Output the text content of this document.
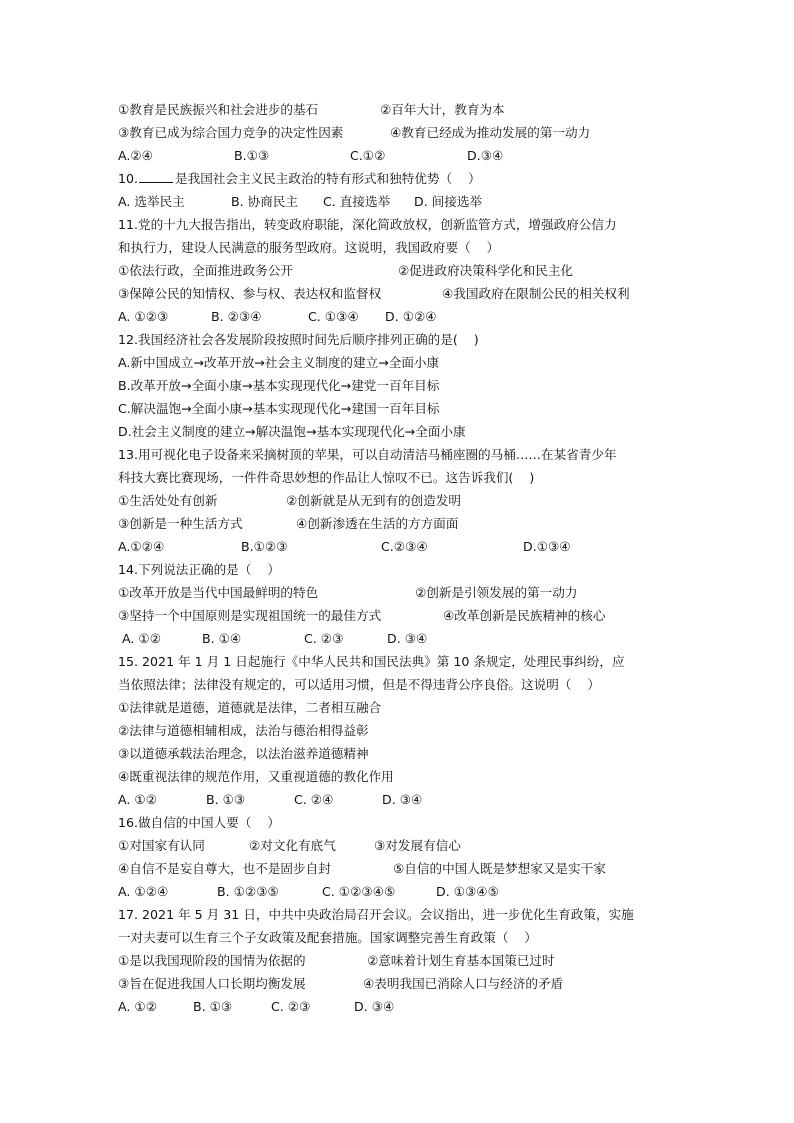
①教育是民族振兴和社会进步的基石	②百年大计，教育为本
③教育已成为综合国力竞争的决定性因素	④教育已经成为推动发展的第一动力
A.②④	B.①③	C.①②	D.③④
10.	是我国社会主义民主政治的特有形式和独特优势（    ）
A. 选举民主	B. 协商民主 C. 直接选举 D. 间接选举
11.党的十九大报告指出，转变政府职能，深化简政放权，创新监管方式，增强政府公信力
和执行力，建设人民满意的服务型政府。这说明，我国政府要（    ）
①依法行政，全面推进政务公开	②促进政府决策科学化和民主化
③保障公民的知情权、参与权、表达权和监督权	④我国政府在限制公民的相关权利
A. ①②③	B. ②③④	C. ①③④ D. ①②④
12.我国经济社会各发展阶段按照时间先后顺序排列正确的是(    )
A.新中国成立→改革开放→社会主义制度的建立→全面小康
B.改革开放→全面小康→基本实现现代化→建党一百年目标
C.解决温饱→全面小康→基本实现现代化→建国一百年目标
D.社会主义制度的建立→解决温饱→基本实现现代化→全面小康
13.用可视化电子设备来采摘树顶的苹果，可以自动清洁马桶座圈的马桶……在某省青少年
科技大赛比赛现场，一件件奇思妙想的作品让人惊叹不已。这告诉我们(    )
①生活处处有创新	②创新就是从无到有的创造发明
③创新是一种生活方式	④创新渗透在生活的方方面面
A.①②④	B.①②③	C.②③④	D.①③④
14.下列说法正确的是（    ）
①改革开放是当代中国最鲜明的特色	②创新是引领发展的第一动力
③坚持一个中国原则是实现祖国统一的最佳方式	④改革创新是民族精神的核心
A. ①②	B. ①④	C. ②③	D. ③④
15. 2021 年 1 月 1 日起施行《中华人民共和国民法典》第 10 条规定，处理民事纠纷，应
当依照法律；法律没有规定的，可以适用习惯，但是不得违背公序良俗。这说明（    ）
①法律就是道德，道德就是法律，二者相互融合
②法律与道德相辅相成，法治与德治相得益彰
③以道德承载法治理念，以法治滋养道德精神
④既重视法律的规范作用，又重视道德的教化作用
A. ①②	B. ①③	C. ②④	D. ③④
16.做自信的中国人要（    ）
①对国家有认同	②对文化有底气	③对发展有信心
④自信不是妄自尊大，也不是固步自封	⑤自信的中国人既是梦想家又是实干家
A. ①②④	B. ①②③⑤	C. ①②③④⑤	D. ①③④⑤
17. 2021 年 5 月 31 日，中共中央政治局召开会议。会议指出，进一步优化生育政策，实施
一对夫妻可以生育三个子女政策及配套措施。国家调整完善生育政策（    ）
①是以我国现阶段的国情为依据的	②意味着计划生育基本国策已过时
③旨在促进我国人口长期均衡发展	④表明我国已消除人口与经济的矛盾
A. ①②	B. ①③	C. ②③	D. ③④
